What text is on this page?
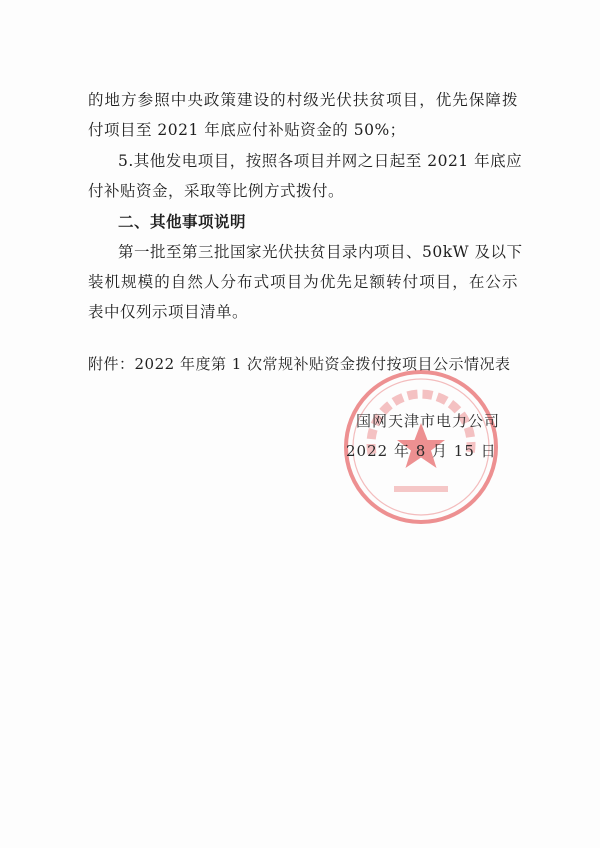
的地方参照中央政策建设的村级光伏扶贫项目，优先保障拨
付项目至 2021 年底应付补贴资金的 50%；
5.其他发电项目，按照各项目并网之日起至 2021 年底应
付补贴资金，采取等比例方式拨付。
二、其他事项说明
第一批至第三批国家光伏扶贫目录内项目、50kW 及以下
装机规模的自然人分布式项目为优先足额转付项目，在公示
表中仅列示项目清单。
附件：2022 年度第 1 次常规补贴资金拨付按项目公示情况表
国网天津市电力公司
2022 年 8 月 15 日
